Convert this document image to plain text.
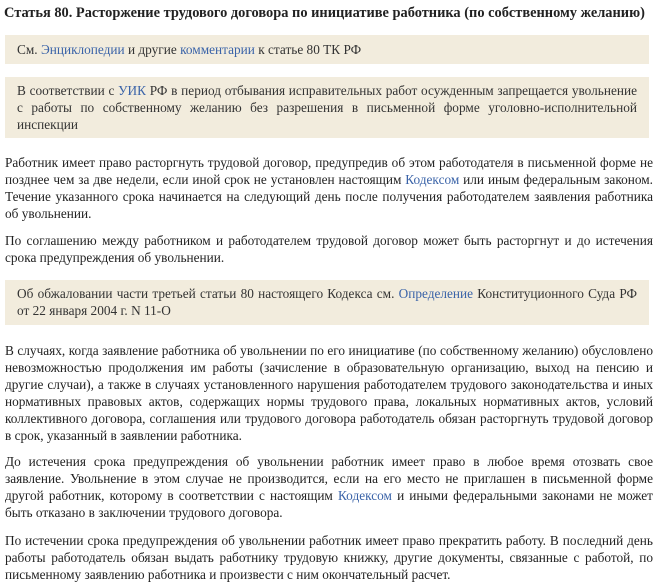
Статья 80. Расторжение трудового договора по инициативе работника (по собственному желанию)
См. Энциклопедии и другие комментарии к статье 80 ТК РФ
В соответствии с УИК РФ в период отбывания исправительных работ осужденным запрещается увольнение с работы по собственному желанию без разрешения в письменной форме уголовно-исполнительной инспекции
Работник имеет право расторгнуть трудовой договор, предупредив об этом работодателя в письменной форме не позднее чем за две недели, если иной срок не установлен настоящим Кодексом или иным федеральным законом. Течение указанного срока начинается на следующий день после получения работодателем заявления работника об увольнении.
По соглашению между работником и работодателем трудовой договор может быть расторгнут и до истечения срока предупреждения об увольнении.
Об обжаловании части третьей статьи 80 настоящего Кодекса см. Определение Конституционного Суда РФ от 22 января 2004 г. N 11-О
В случаях, когда заявление работника об увольнении по его инициативе (по собственному желанию) обусловлено невозможностью продолжения им работы (зачисление в образовательную организацию, выход на пенсию и другие случаи), а также в случаях установленного нарушения работодателем трудового законодательства и иных нормативных правовых актов, содержащих нормы трудового права, локальных нормативных актов, условий коллективного договора, соглашения или трудового договора работодатель обязан расторгнуть трудовой договор в срок, указанный в заявлении работника.
До истечения срока предупреждения об увольнении работник имеет право в любое время отозвать свое заявление. Увольнение в этом случае не производится, если на его место не приглашен в письменной форме другой работник, которому в соответствии с настоящим Кодексом и иными федеральными законами не может быть отказано в заключении трудового договора.
По истечении срока предупреждения об увольнении работник имеет право прекратить работу. В последний день работы работодатель обязан выдать работнику трудовую книжку, другие документы, связанные с работой, по письменному заявлению работника и произвести с ним окончательный расчет.
